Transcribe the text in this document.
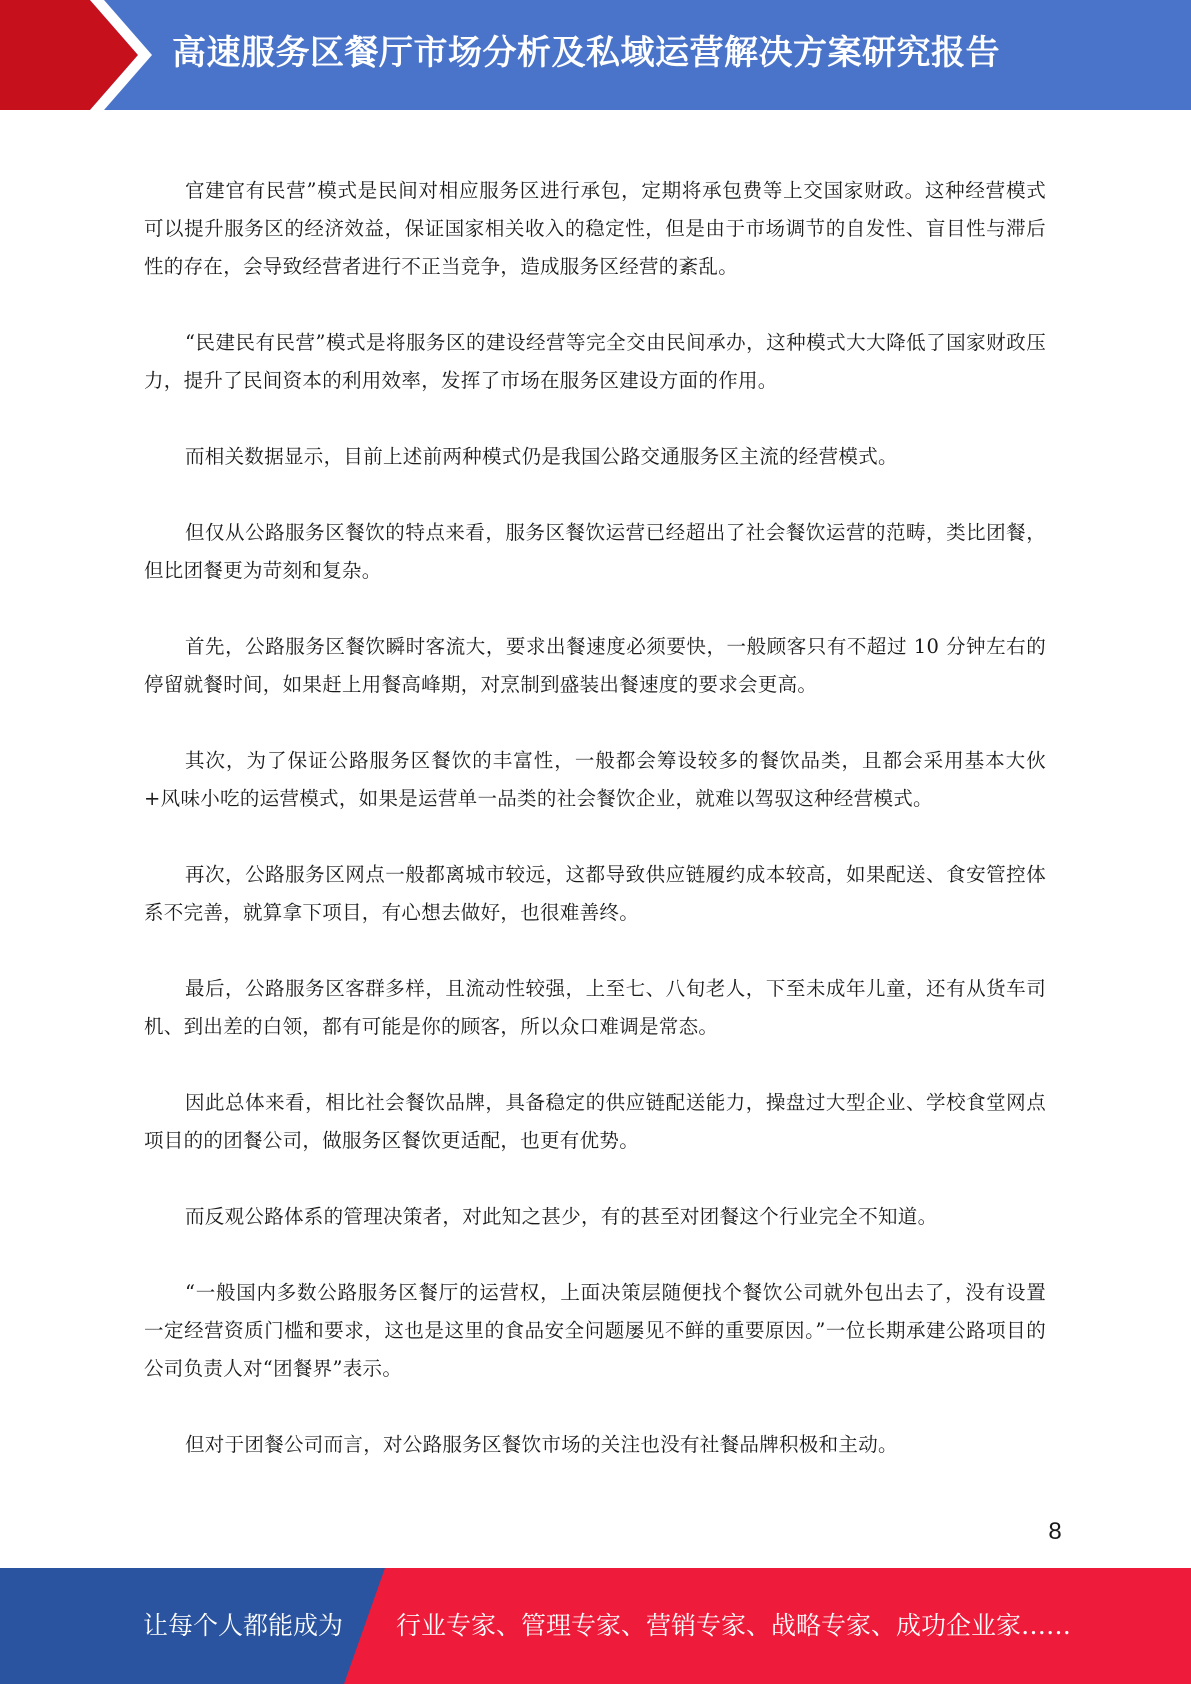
高速服务区餐厅市场分析及私域运营解决方案研究报告

官建官有民营”模式是民间对相应服务区进行承包，定期将承包费等上交国家财政。这种经营模式可以提升服务区的经济效益，保证国家相关收入的稳定性，但是由于市场调节的自发性、盲目性与滞后性的存在，会导致经营者进行不正当竞争，造成服务区经营的紊乱。

“民建民有民营”模式是将服务区的建设经营等完全交由民间承办，这种模式大大降低了国家财政压力，提升了民间资本的利用效率，发挥了市场在服务区建设方面的作用。

而相关数据显示，目前上述前两种模式仍是我国公路交通服务区主流的经营模式。

但仅从公路服务区餐饮的特点来看，服务区餐饮运营已经超出了社会餐饮运营的范畴，类比团餐，但比团餐更为苛刻和复杂。

首先，公路服务区餐饮瞬时客流大，要求出餐速度必须要快，一般顾客只有不超过 10 分钟左右的停留就餐时间，如果赶上用餐高峰期，对烹制到盛装出餐速度的要求会更高。

其次，为了保证公路服务区餐饮的丰富性，一般都会筹设较多的餐饮品类，且都会采用基本大伙+风味小吃的运营模式，如果是运营单一品类的社会餐饮企业，就难以驾驭这种经营模式。

再次，公路服务区网点一般都离城市较远，这都导致供应链履约成本较高，如果配送、食安管控体系不完善，就算拿下项目，有心想去做好，也很难善终。

最后，公路服务区客群多样，且流动性较强，上至七、八旬老人，下至未成年儿童，还有从货车司机、到出差的白领，都有可能是你的顾客，所以众口难调是常态。

因此总体来看，相比社会餐饮品牌，具备稳定的供应链配送能力，操盘过大型企业、学校食堂网点项目的的团餐公司，做服务区餐饮更适配，也更有优势。

而反观公路体系的管理决策者，对此知之甚少，有的甚至对团餐这个行业完全不知道。

“一般国内多数公路服务区餐厅的运营权，上面决策层随便找个餐饮公司就外包出去了，没有设置一定经营资质门槛和要求，这也是这里的食品安全问题屡见不鲜的重要原因。”一位长期承建公路项目的公司负责人对“团餐界”表示。

但对于团餐公司而言，对公路服务区餐饮市场的关注也没有社餐品牌积极和主动。

8
让每个人都能成为 行业专家、管理专家、营销专家、战略专家、成功企业家……
